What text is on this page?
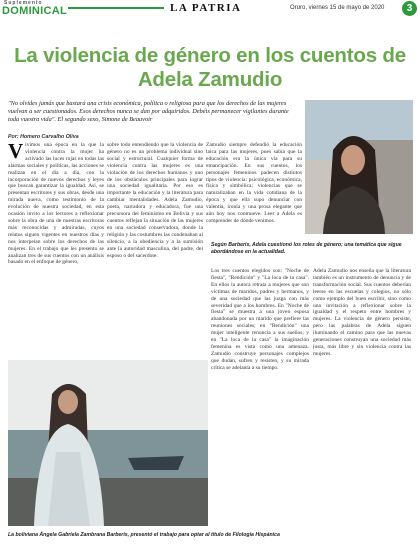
Suplemento
DOMINICAL	LA PATRIA	Oruro, viernes 15 de mayo de 2020	3
La violencia de género en los cuentos de Adela Zamudio
"No olvides jamás que bastará una crisis económica, política o religiosa para que los derechos de las mujeres vuelvan a ser cuestionados. Esos derechos nunca se dan por adquiridos. Debéis permanecer vigilantes durante toda vuestra vida". El segundo sexo, Simone de Beauvoir
Por: Homero Carvalho Oliva
Vivimos una época en la que la violencia contra la mujer ha activado las luces rojas en todas las alarmas sociales y políticas, las acciones se realizan en el día a día, con la incorporación de nuevos derechos y leyes que buscan garantizar la igualdad. Así, se presentan escritores y sus obras, desde una mirada nueva, como testimonio de la evolución de nuestra sociedad, en esta ocasión invito a los lectores a reflexionar sobre la obra de una de nuestras escritoras más reconocidas y admiradas, cuyos relatos siguen vigentes en nuestros días y nos interpelan sobre los derechos de las mujeres. En el trabajo que les presento se analizan tres de sus cuentos con un análisis basado en el enfoque de género,
sobre todo entendiendo que la violencia de género no es un problema individual sino social y estructural. Cualquier forma de violencia contra las mujeres es una violación de los derechos humanos y uno de los obstáculos principales para lograr una sociedad igualitaria. Por eso es importante la educación y la literatura para cambiar mentalidades. Adela Zamudio, poeta, narradora y educadora, fue una precursora del feminismo en Bolivia y sus cuentos reflejan la situación de las mujeres en una sociedad conservadora, donde la religión y las costumbres las condenaban al silencio, a la obediencia y a la sumisión ante la autoridad masculina, del padre, del esposo o del sacerdote.
Zamudio siempre defendió la educación laica para las mujeres, pues sabía que la educación era la única vía para su emancipación. En sus cuentos, los personajes femeninos padecen distintos tipos de violencia: psicológica, económica, física y simbólica; violencias que se naturalizaban en la vida cotidiana de la época y que ella supo denunciar con valentía, ironía y una prosa elegante que aún hoy nos conmueve. Leer a Adela es comprender de dónde venimos.
Según Barberis, Adela cuestionó los roles de género; una temática que sigue abordándose en la actualidad.
Los tres cuentos elegidos son: "Noche de fiesta", "Rendición" y "La loca de la casa". En ellos la autora retrata a mujeres que son víctimas de maridos, padres y hermanos, y de una sociedad que las juzga con más severidad que a los hombres. En "Noche de fiesta" se muestra a una joven esposa abandonada por un marido que prefiere las reuniones sociales; en "Rendición" una mujer inteligente renuncia a sus sueños; y en "La loca de la casa" la imaginación femenina es vista como una amenaza. Zamudio construye personajes complejos que dudan, sufren y resisten, y su mirada crítica se adelanta a su tiempo.
Adela Zamudio nos enseña que la literatura también es un instrumento de denuncia y de transformación social. Sus cuentos deberían leerse en las escuelas y colegios, no sólo como ejemplo del buen escribir, sino como una invitación a reflexionar sobre la igualdad y el respeto entre hombres y mujeres. La violencia de género persiste, pero las palabras de Adela siguen iluminando el camino para que las nuevas generaciones construyan una sociedad más justa, más libre y sin violencia contra las mujeres.
La boliviana Ángela Gabriela Zambrana Barberis, presentó el trabajo para optar al título de Filología Hispánica
